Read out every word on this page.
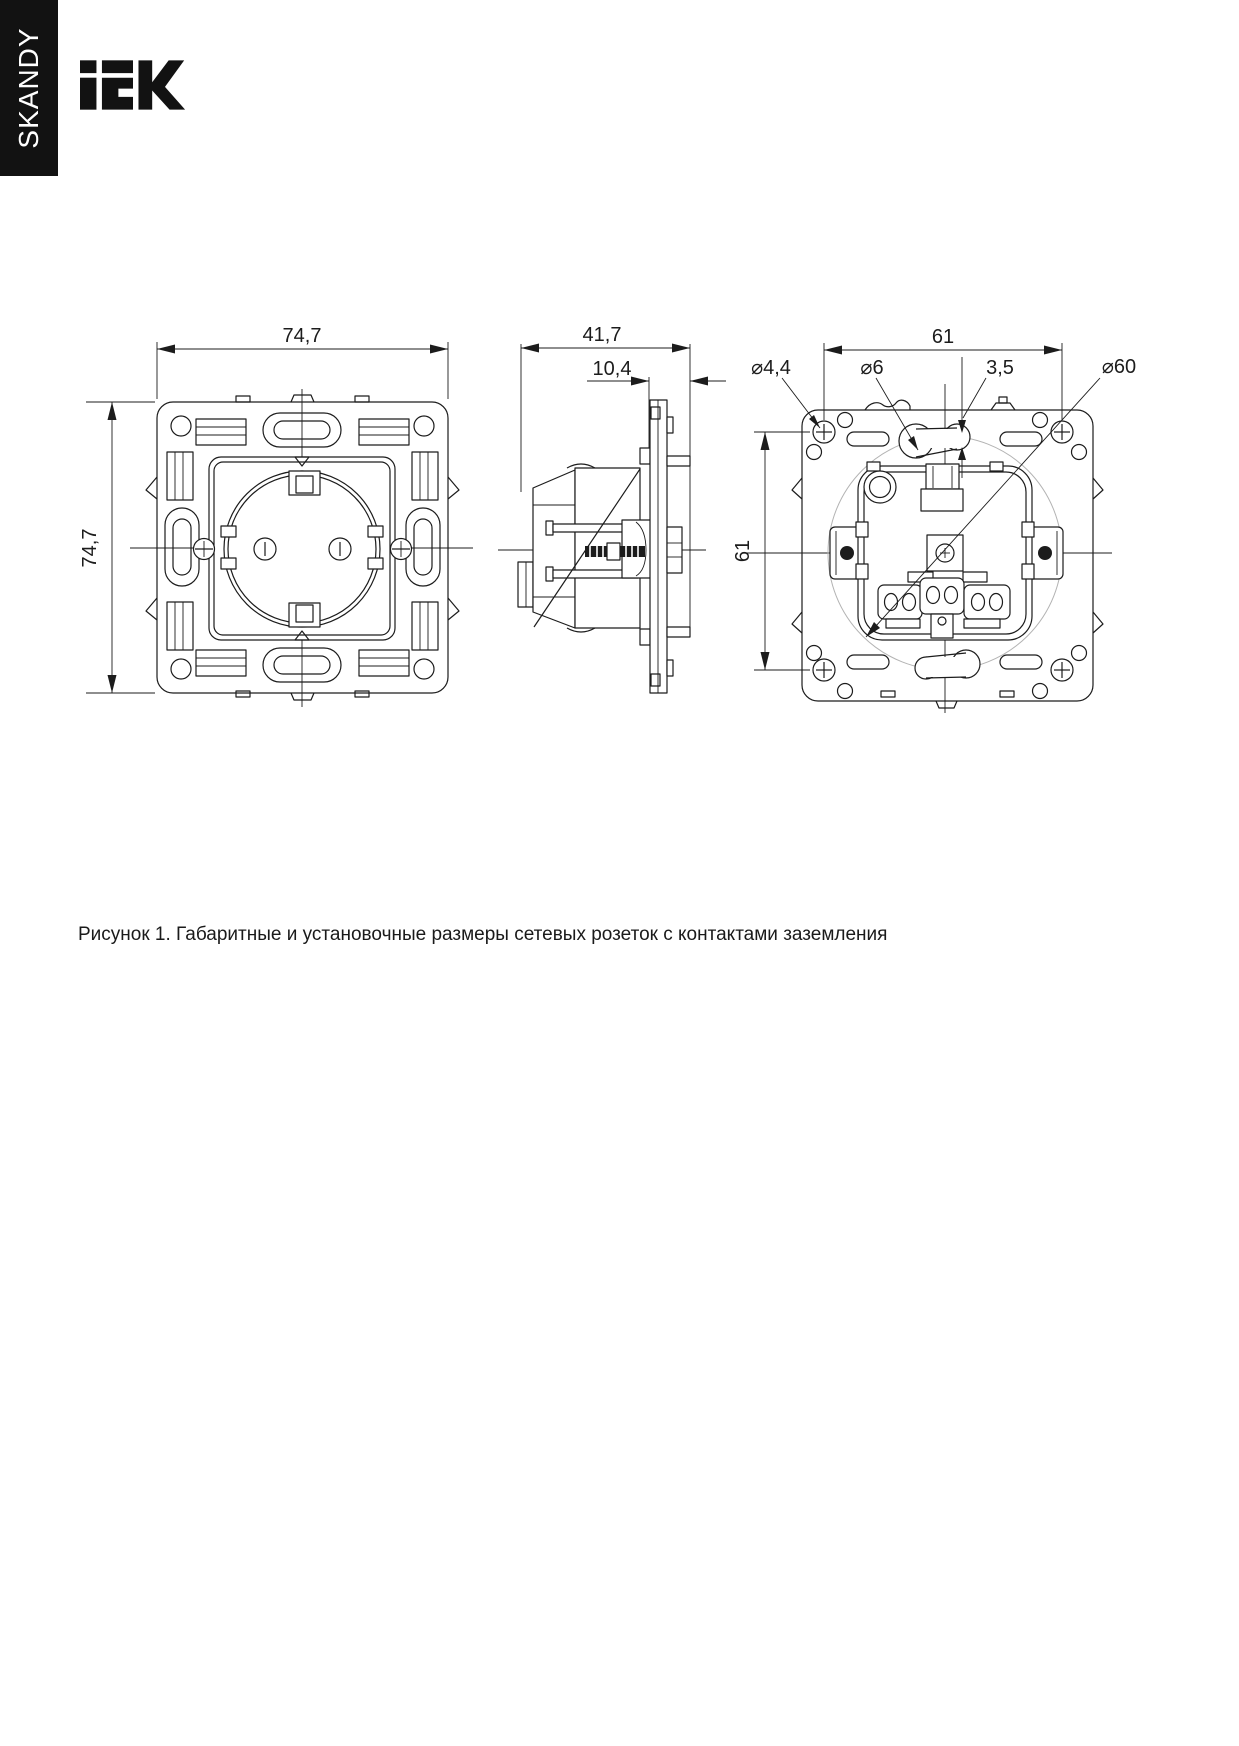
SKANDY
74,7
74,7
41,7
10,4
61
61
⌀4,4	⌀6	3,5	⌀60
Рисунок 1. Габаритные и установочные размеры сетевых розеток с контактами заземления
